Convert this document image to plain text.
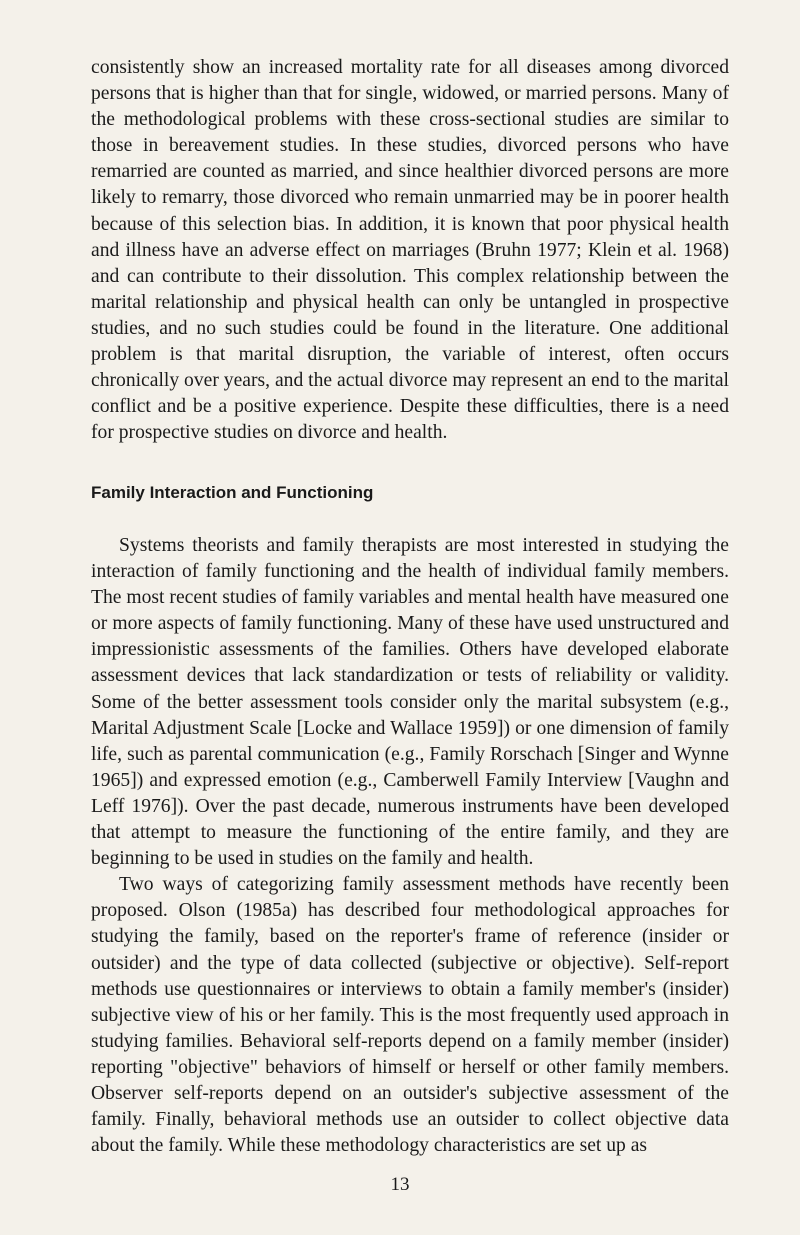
consistently show an increased mortality rate for all diseases among divorced persons that is higher than that for single, widowed, or married persons. Many of the methodological problems with these cross-sectional studies are similar to those in bereavement studies. In these studies, divorced persons who have remarried are counted as married, and since healthier divorced persons are more likely to remarry, those divorced who remain unmarried may be in poorer health because of this selection bias. In addition, it is known that poor physical health and illness have an adverse effect on marriages (Bruhn 1977; Klein et al. 1968) and can contribute to their dissolution. This complex relationship between the marital relationship and physical health can only be untangled in prospective studies, and no such studies could be found in the literature. One additional problem is that marital disruption, the variable of interest, often occurs chronically over years, and the actual divorce may represent an end to the marital conflict and be a positive experience. Despite these difficulties, there is a need for prospective studies on divorce and health.

Family Interaction and Functioning

Systems theorists and family therapists are most interested in studying the interaction of family functioning and the health of individual family members. The most recent studies of family variables and mental health have measured one or more aspects of family functioning. Many of these have used unstructured and impressionistic assessments of the families. Others have developed elaborate assessment devices that lack standardization or tests of reliability or validity. Some of the better assessment tools consider only the marital subsystem (e.g., Marital Adjustment Scale [Locke and Wallace 1959]) or one dimension of family life, such as parental communication (e.g., Family Rorschach [Singer and Wynne 1965]) and expressed emotion (e.g., Camberwell Family Interview [Vaughn and Leff 1976]). Over the past decade, numerous instruments have been developed that attempt to measure the functioning of the entire family, and they are beginning to be used in studies on the family and health.

Two ways of categorizing family assessment methods have recently been proposed. Olson (1985a) has described four methodological approaches for studying the family, based on the reporter's frame of reference (insider or outsider) and the type of data collected (subjective or objective). Self-report methods use questionnaires or interviews to obtain a family member's (insider) subjective view of his or her family. This is the most frequently used approach in studying families. Behavioral self-reports depend on a family member (insider) reporting "objective" behaviors of himself or herself or other family members. Observer self-reports depend on an outsider's subjective assessment of the family. Finally, behavioral methods use an outsider to collect objective data about the family. While these methodology characteristics are set up as

13
